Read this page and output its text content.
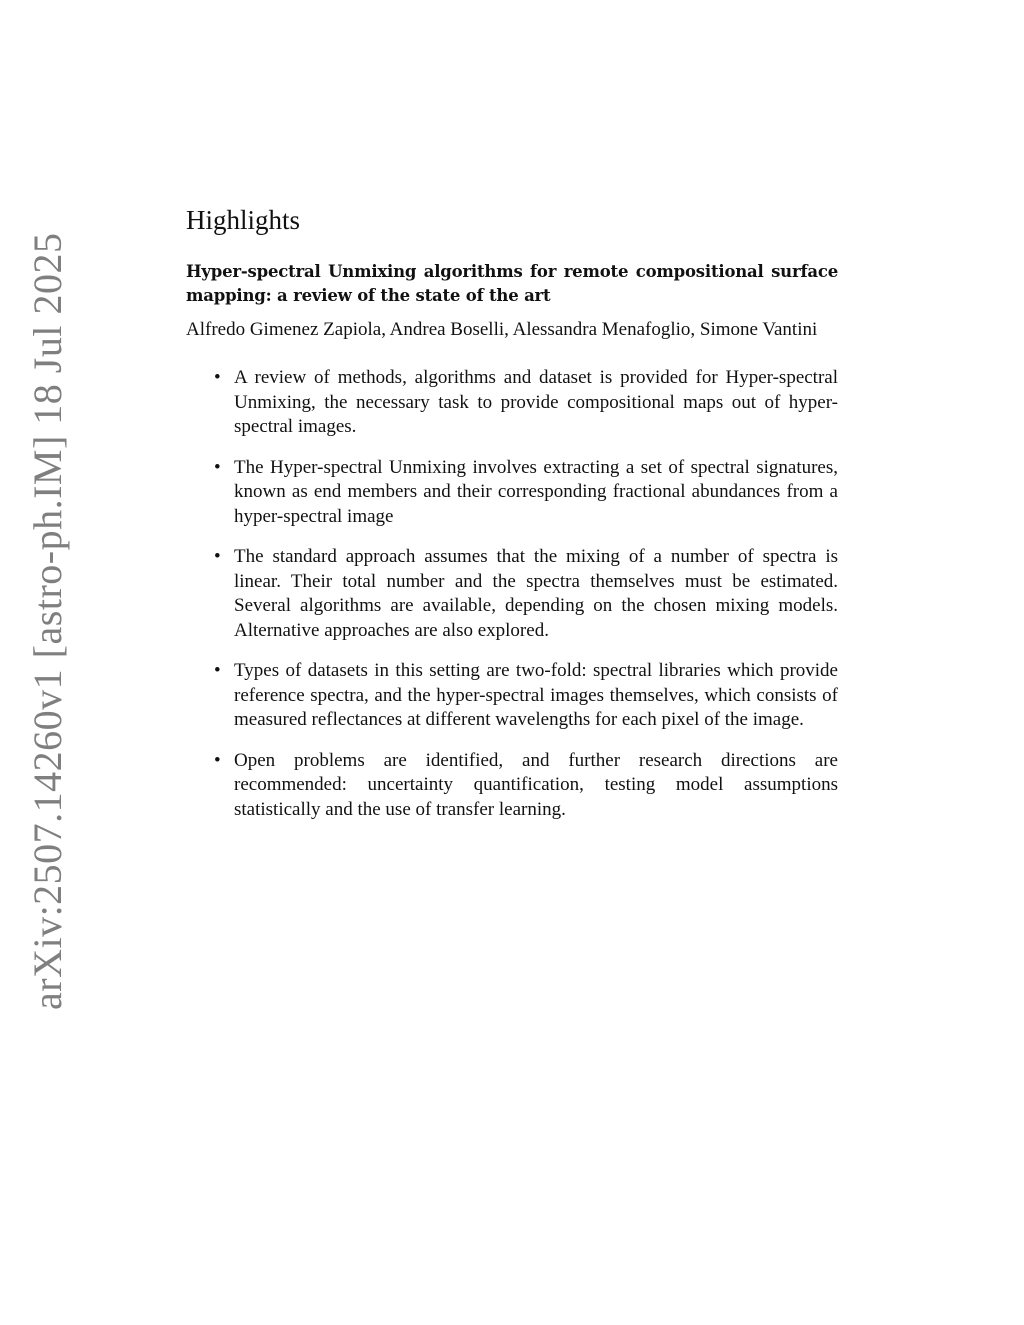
arXiv:2507.14260v1 [astro-ph.IM] 18 Jul 2025
Highlights
Hyper-spectral Unmixing algorithms for remote compositional surface mapping: a review of the state of the art
Alfredo Gimenez Zapiola, Andrea Boselli, Alessandra Menafoglio, Simone Vantini
• A review of methods, algorithms and dataset is provided for Hyper-spectral Unmixing, the necessary task to provide compositional maps out of hyper-spectral images.
• The Hyper-spectral Unmixing involves extracting a set of spectral signatures, known as end members and their corresponding fractional abundances from a hyper-spectral image
• The standard approach assumes that the mixing of a number of spectra is linear. Their total number and the spectra themselves must be estimated. Several algorithms are available, depending on the chosen mixing models. Alternative approaches are also explored.
• Types of datasets in this setting are two-fold: spectral libraries which provide reference spectra, and the hyper-spectral images themselves, which consists of measured reflectances at different wavelengths for each pixel of the image.
• Open problems are identified, and further research directions are recommended: uncertainty quantification, testing model assumptions statistically and the use of transfer learning.
